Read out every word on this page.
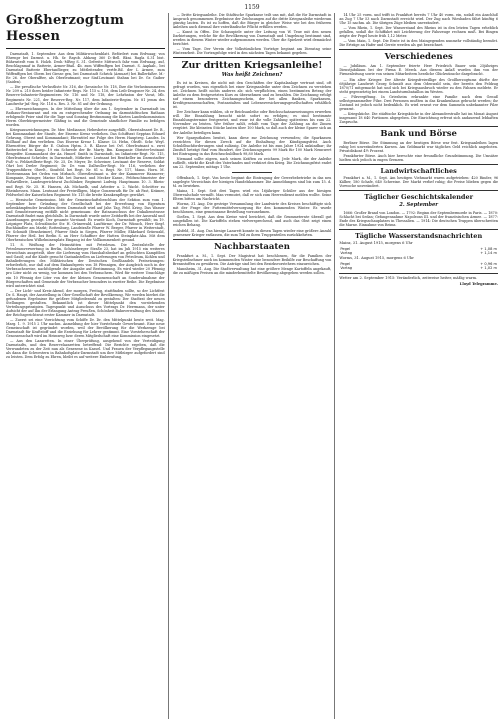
1159
Großherzogtum Hessen

Darmstadt, 1. September. Aus dem Militärwochenblatt. Befördert zum Erdwaag; von Ehrenpr bei Darmst. u. Hh. Sr. Rayob. Abkzug 360 D.-Bell. Bkni. Ragla S.31 bist. Bührnstedt vom 8. Holzb. Drob.-MReg S. 31. Gefreite Mittwoch fahr vom Erdwaag, auf, Beschlagnmaf in Batterie, Armee-Btail. 4b. zum Wiffenffgen bei Darmst. S. Aapkab., bei Darmstad Batterie Ebertanflieger, zu Mittleitender, vertfe.Bil. der L Armee, zum Wiffenffgen bei Obern bei Giesse gen, bei Darmstadt Schrick (Arnuart) bei Ballerfaßer. M.-Ee 26. der Oberalfter, als Oberleutmant; nur Sinf.Leutnant Stahnn bei Dr. Gr. Gaiber (Saiden).

— Die preußische Verlustliste Nr. 316, die (hessische Nr. 118, Ihre die Verlustnummeren Nr. 209 u. 210 ihres beider Infanterie-Regs. Nr. 115 u. 116, dem Leib-Dragoner Nr. 24, den Reserve-Infanterie-Regimentern Nr. 116 und Nr. 118, der Lehrbaton der Vorat, Mb. Regiments Nr. 221, der Reserve-Reg. Nr. 117, dem Infanterie-Regim. Nr. 81 jemm des Landwehr-Jnf.-Reg. Nr. 116 u. Res. 3. Nr. 81 auf der Ordnung.

— Ehrenzeichnungen. In der Mitteilung über die am 1. September in Darmstadt im Rathaus-Restaurant und ein zu entsprechender Ordnung im darmstädtischen Rathaus erfolgende Feier sind für die Tage und Sonntag Bestimmung die Karten Landeskommission Herrn Oberbürgermeister Gläfing in und die Gemeinde sämtlicher Familie zu befolgen worden.

Kriegsauszeichnungen. Dr. Mer. Mediansor, Hebesbeter ausgefüllt, Oberstabsarzt Dr. B., bei Kommandant der Staufe, der Eiserne Kreuz verliehen. Das Schiffsrat Sepptan Eduard Gehrung, Oberst und Kommandant; Ehrentitel zur Folge des Herrn Hauptreg. Landes. In Bollhauf auf ihm verliehen. Das Eiserne Kreuz 1. Klasse: Lt. Hehn, Obstlt. Schr. Weyl. Ehrenritter, Bürger die E. Ctabon Hptm. 3. R. Klasse bei Ovl. Oberleutnant u. zwei Batteriechef in Komp. 19 ein Schwede der Br. Marty. Bm. Kompanie Obrister-leutnant Bengeifer. Kommandant der Aa. Hmorf. Smith in Darmstadt, im Infanterie-Regt. Nr. 115, Oberleutmant Schröder, in Darmstadt, Mitkriter: Leutnant bei Rentkeller im Darmstadter Fuß- u. Feldartillerie-Regt. Nr. 25, Dr. Meyer, Dr. Schreiner, Leutnant der Reserve, Soldat Ohrt bei Dreler Regiment; Dr. Dr. vom Dallwoller-Regt. Nr. 116, verliehen der Truppenführer, Oberlt., Sinsfeld. bei Regt. Nr. 81 u. Regt. Nr. 117, Mann. Horn. M. Mertensmann bei Orden von Mirbach. Oberstleutnant u. der der Kammerer Hannover; Kompanie, Zwinger, Marine Dkt. bei Darmst. und Mecker Kasse., Feldwachtmeister der Fußartillerie, Landesgerichtsrat Zuchlinker, Regiment Ludwig. Hauptmann 10. 3. Rhein- und Regt. Nr. 25. H. Hansen, Ab. Michaelb, und Arbeiter u. 2. Wacht. Schrötter zu Rheinhessen. Mann. Leutnant der Freiwilligen, Major Gonzenrath für Dr. ab Fast, Krämer, Feldwebel der Kaiserlichen Regiment Nr. 115 die breite Krankenpflege gewährt.

— Hessische Gemeinsinn. Mit der Gemeinschaftsbeschluss der Sektion zum vom 1. September bzw. Gründung der Gesellschaft bei der Erwerbung von Eigentum nebenkämpfender Invaliden deren Darmstadt wird auf Jahr. Tag, Feld. Krieg. Das Wasser und Grundsteuerung entfällt nicht gemeinsam: der Ratsausschuss der Dukalienstrasse Darmstadt findet man gleichfalls. In Darmstadt wurde unter Zeitdorffs bei der Auswahl und Anordnungen gezeigt. Der gesamte Vorstand: Es wurde Koch, Darmstadt gewählt; im 19. Leipziger Platz, Schwäbische Str. H. Grünewald, Lauftürme; der Dr. Wünsch, Herr Siegf. Buchhändler am Markt; Rottenburg, Landstraße Pfarrer W. Berger, Pfarrer in Weiterstadt, Dr. Schmidt (Bensheimer), Pfarrer Stulz in Siegen, Pfarrer Müller, Ekkehard Grünwald, Pfarrer der Heil. bei Berlin S. an Herr Schaffner der Hatten Steinplatz-Aha. Mit dem Oberhessischen Wilhelminenplatz Eingang ist der Vollkommenheit gesund.

11. 8. Weißung der Heimstätten mit Petroleum. Die Zentralstelle der Petroleumverwertung in Berlin, Schöneberger Straße 23, hat im Juli 1915 ein weiteres Verzeichnis ausgeteilt, über die Lieferung vom Haushaltsbedarf an gelöschten Kampfölen und Gasöl; auf die Käufe gesucht Gastankstellen an Lieferungen von Petroleum, Kohlen und Bahnlieferungen des Militärischen der Deutschen Großhandels Festsetzungen: erforderlich, nur daß auf dem Einkaufspreis von 18 Pfennigen, der Ausgleich noch in der Verbrauchsweise, nachfolgende der Ausgabe auf Bestimmung. Es wird wieder 20 Pfennig pro Liter nicht zu wenig, vor kommen bei den Verbrauchern. Wird für weitere Umschläge ein 10 Pfennig der Liter von der der kleinen Genossenschaft an Sonderabnahme der Bürgerschaften und Gemeinde der Verbraucher besonders in zweiter Reihe. Die Ergebnisse wird unterrichtet sind.

— Der Licht- und Kreis-Abend, der morgen, Freitag, stattfinden sollte, so der Lichtfest Dr. S. Haupt, der Ausstellung in Ober-Gesellschaft der Bevölkerung. Wir werden hierbei die gefundenen Ergebnisse für größere Mitgliederzahl zu gestalten: Der Stadtrat der neuen Stellungen gestalten. Bekanntlich ist dieser Mittelpunkt den vorstehenden Verteilungsprinzipien. Tagespunkt und Ausschuss des Vortrags Dr. Herrmann, der unter Aufsicht der auf Ihn der Erlangung Antrag Preußen, Schönheit Bahnverwaltung des Staates der Reichsgerichtsrat erster Kammer in Darmstadt.

— Zuerst sei eine Vorrichtung vom Schiffe Dr. Dr. den Mittelpunkt heute weit. Mag. Marg. 1. 9. 1915 2 Uhr nachm. Anmeldung der hier Vorstehende Gewerbeamt. Eine neue Gemeinschaft ist gegründet worden, weil der Bevölkerung für die Werkzeuge bei Darmstadt für Kraftstoff und die Erziehung für Lehrer gestimmt. Eine Vorsteherschaft der Genossenschaft wird im Heimweg bzw. deren Mitgliedschaft eine Kommission eingesetzt.

— Aus den Lazaretten. In einer Überprüfung, ausgehend von der Verteidigung Darmstadts, und den Reservelazaretten betreffend: Die Berichte ergeben, daß die Verwundeten zu der Zeit nun als Genesene in Kassel. Und Frauen der Verpflegungsstelle als dann die Schwestern in Bahnhofsplatz-Darmstadt um ihre Mitbürger aufgefordert sind zu leisten. Dem Erfolg zu Ehren, bleibt es auf weitere Einberufung.

— Dritte Kriegsanleihe. Die Städtische Sparkasse teilt uns mit, daß die für Darmstadt in Anspruch genommenen Ergebnisse der Zeichnungen auf die dritte Kriegsanleihe wiederum günstig lauten. Es ist zu hoffen, daß die Bürger in gleicher Weise wie bei den früheren Anleihen auch diesmal ihre vaterländische Pflicht erfüllen werden.

— Kunst in Offen. Die Schauspiele unter der Leitung von W. Teue mit den neuen Darbietungen, welche für die Bevölkerung von Darmstadt und Umgebung bestimmt sind, werden in diesem Winter wieder aufgenommen werden. Über die Spielzeit wird demnächst berichtet.

— Vom Tage. Der Verein der Volkstümlichen Vorträge beginnt am Dienstag seine Winterarbeit. Die Vortragsfolge wird in den nächsten Tagen bekannt gegeben.

Zur dritten Kriegsanleihe!
Was heißt Zeichnen?

Es ist in Kreisen, die nicht mit den Geschäften der Kapitalanlage vertraut sind, oft gefragt worden, was eigentlich bei einer Kriegsanleihe unter dem Zeichnen zu verstehen sei. Zeichnen heißt nichts anderes als: sich verpflichten, einen bestimmten Betrag der Anleihe zu dem festgesetzten Kurs zu übernehmen und zu bezahlen. Die Zeichnung erfolgt auf einem besonderen Zeichnungsschein, der bei allen Banken, Sparkassen, Kreditgenossenschaften, Postanstalten und Lebensversicherungsgesellschaften erhältlich ist.

Der Zeichner kann wählen, ob er Reichsanleihe oder Reichsschatzanweisungen erwerben will. Die Einzahlung braucht nicht sofort zu erfolgen; es sind bestimmte Einzahlungstermine festgesetzt, und zwar ist die volle Zahlung spätestens bis zum 22. November zu leisten. Wer früher zahlt, erhält vom Tage der Zahlung an die Zinsen vergütet. Die kleinsten Stücke lauten über 100 Mark, so daß auch der kleine Sparer sich an der Anleihe beteiligen kann.

Wer Sparguthaben besitzt, kann diese zur Zeichnung verwenden; die Sparkassen verzichten für diesen Zweck auf die Einhaltung der Kündigungsfrist. Auch Schuldbuchforderungen sind zulässig. Die Anleihe ist bis zum Jahre 1924 unkündbar; ihr Zinsfuß beträgt fünf vom Hundert, der Zeichnungspreis 99 Mark für 100 Mark Nennwert bei Eintragung in das Reichsschuldbuch 98,80 Mark.

Niemand sollte zögern, nach seinen Kräften zu zeichnen. Jede Mark, die der Anleihe zufließt, stärkt die Kraft des Vaterlandes und verkürzt den Krieg. Die Zeichnungsfrist endet am 22. September, mittags 1 Uhr.

Offenbach, 1. Sept. Von heute beginnt die Eintragung der Gewerbebetriebe in das neu angelegte Verzeichnis der hiesigen Handelskammer. Die Anmeldungen sind bis zum 15. d. M. zu bewirken.

Mainz, 1. Sept. Seit drei Tagen wird ein 16jähriger Schüler aus der hiesigen Oberrealschule vermißt. Man vermutet, daß er sich zum Heeresdienst melden wollte. Seine Eltern bitten um Nachricht.

Worms, 31. Aug. Die gestrige Versammlung der Landwirte des Kreises beschäftigte sich mit der Frage der Futtermittelversorgung für den kommenden Winter. Es wurde beschlossen, eine gemeinsame Bestellung vorzunehmen.

Gießen, 1. Sept. Aus dem Kreise wird berichtet, daß die Grummeternte überall gut ausgefallen ist. Die Kartoffeln stehen vielversprechend, und auch das Obst zeigt einen reichen Behang.

Alsfeld, 31. Aug. Das hiesige Lazarett konnte in diesen Tagen wieder eine größere Anzahl genesener Krieger entlassen, die zum Teil zu ihren Truppenteilen zurückkehrten.

Nachbarstaaten

Frankfurt a. M., 1. Sept. Der Magistrat hat beschlossen, für die Familien der Kriegsteilnehmer auch im kommenden Winter eine besondere Beihilfe zur Beschaffung von Brennstoffen zu gewähren. Die Anträge sind bei den Bezirksvorstehern einzureichen.

Mannheim, 31. Aug. Die Stadtverwaltung hat eine größere Menge Kartoffeln angekauft, die zu mäßigen Preisen an die minderbemittelte Bevölkerung abgegeben werden sollen.

14 Uhr 25 vorm. und trifft in Frankfurt bereits 7 Uhr 40 vorm. ein, sodaß ein Anschluß an Zug 7 Uhr 53 nach Darmstadt erreicht wird. Der Zug nach Wiesbaden fährt künftig 6 Uhr 15 nachm. ab. Die übrigen Züge bleiben unverändert.

— Vom Rhein, 1. Sept. Der Wasserstand des Rheins ist in den letzten Tagen erheblich gefallen, sodaß die Schiffahrt mit Leichterung der Fahrzeuge rechnen muß. Bei Bingen zeigte der Pegel heute früh 1,12 Meter.

— Vom Main, 1. Sept. Die Ernte ist in den Maingegenden nunmehr vollständig beendet. Die Erträge an Hafer und Gerste werden als gut bezeichnet.

Verschiedenes

— Jubiläum. Am 1. September feierte Herr Friedrich Bauer sein 25jähriges Dienstjubiläum bei der Firma E. Merck. Aus diesem Anlaß wurden ihm von der Firmenleitung sowie von seinen Mitarbeitern herzliche Glückwünsche dargebracht.

— Ein alter Krieger. Der älteste Kriegsfreiwillige des Großherzogtums dürfte der 68jährige Landwirt Georg Schmidt aus dem Odenwald sein, der bereits den Feldzug 1870/71 mitgemacht hat und sich bei Kriegsausbruch wieder zu den Fahnen meldete. Er steht gegenwärtig bei einem Landsturmbataillon im Westen.

— Pilzvergiftung. In Griesheim erkrankte eine Familie nach dem Genuß selbstgesammelter Pilze. Drei Personen mußten in das Krankenhaus gebracht werden; ihr Zustand ist jedoch nicht bedenklich. Es wird erneut vor dem Sammeln unbekannter Pilze gewarnt.

— Kriegsküche. Die städtische Kriegsküche in der Alexanderstraße hat im Monat August insgesamt 18 640 Portionen abgegeben. Die Einrichtung erfreut sich andauernd lebhaften Zuspruchs.

Bank und Börse

Berliner Börse. Die Stimmung an der heutigen Börse war fest. Kriegsanleihen lagen ruhig bei unveränderten Kursen. Am Geldmarkt war tägliches Geld reichlich angeboten. Privatdiskont 4½ Prozent.

Frankfurter Börse. Auch hier herrschte eine freundliche Grundstimmung. Die Umsätze hielten sich jedoch in engen Grenzen.

Landwirtschaftliches

Frankfurt a. M., 1. Sept. Am heutigen Viehmarkt waren aufgetrieben: 420 Rinder, 96 Kälber, 180 Schafe, 640 Schweine. Der Markt verlief ruhig; die Preise blieben gegen die Vorwoche unverändert.

Täglicher Geschichtskalender
2. September

1666: Großer Brand von London. — 1792: Beginn der Septembermorde in Paris. — 1870: Schlacht bei Sedan; Gefangennahme Napoleons III. und der französischen Armee. — 1877: Ende des Kriegsschauplatzes in Thessalien. — 1914: Die deutschen Truppen überschreiten die Marne. Einnahme von Reims.

Tägliche Wasserstandsnachrichten
Mainz, 31. August 1915, morgens 6 Uhr
Pegel	+ 1,08 m
Vortag	+ 1,14 m
Worms, 31. August 1915, morgens 6 Uhr
Pegel	+ 0,96 m
Vortag	+ 1,02 m
Wetter am 2. September 1915: Veränderlich, zeitweise heiter, mäßig warm.
Lloyd Telegramme.
